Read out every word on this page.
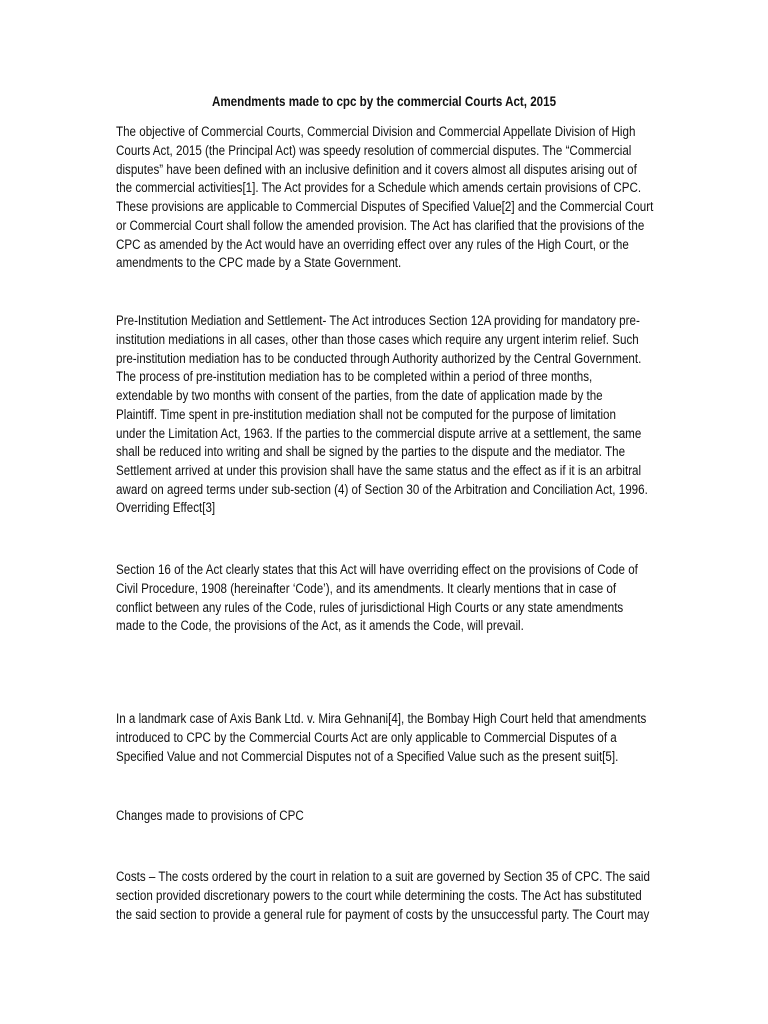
Amendments made to cpc by the commercial Courts Act, 2015
The objective of Commercial Courts, Commercial Division and Commercial Appellate Division of High
Courts Act, 2015 (the Principal Act) was speedy resolution of commercial disputes. The “Commercial
disputes” have been defined with an inclusive definition and it covers almost all disputes arising out of
the commercial activities[1]. The Act provides for a Schedule which amends certain provisions of CPC.
These provisions are applicable to Commercial Disputes of Specified Value[2] and the Commercial Court
or Commercial Court shall follow the amended provision. The Act has clarified that the provisions of the
CPC as amended by the Act would have an overriding effect over any rules of the High Court, or the
amendments to the CPC made by a State Government.
Pre-Institution Mediation and Settlement- The Act introduces Section 12A providing for mandatory pre-
institution mediations in all cases, other than those cases which require any urgent interim relief. Such
pre-institution mediation has to be conducted through Authority authorized by the Central Government.
The process of pre-institution mediation has to be completed within a period of three months,
extendable by two months with consent of the parties, from the date of application made by the
Plaintiff. Time spent in pre-institution mediation shall not be computed for the purpose of limitation
under the Limitation Act, 1963. If the parties to the commercial dispute arrive at a settlement, the same
shall be reduced into writing and shall be signed by the parties to the dispute and the mediator. The
Settlement arrived at under this provision shall have the same status and the effect as if it is an arbitral
award on agreed terms under sub-section (4) of Section 30 of the Arbitration and Conciliation Act, 1996.
Overriding Effect[3]
Section 16 of the Act clearly states that this Act will have overriding effect on the provisions of Code of
Civil Procedure, 1908 (hereinafter ‘Code’), and its amendments. It clearly mentions that in case of
conflict between any rules of the Code, rules of jurisdictional High Courts or any state amendments
made to the Code, the provisions of the Act, as it amends the Code, will prevail.
In a landmark case of Axis Bank Ltd. v. Mira Gehnani[4], the Bombay High Court held that amendments
introduced to CPC by the Commercial Courts Act are only applicable to Commercial Disputes of a
Specified Value and not Commercial Disputes not of a Specified Value such as the present suit[5].
Changes made to provisions of CPC
Costs – The costs ordered by the court in relation to a suit are governed by Section 35 of CPC. The said
section provided discretionary powers to the court while determining the costs. The Act has substituted
the said section to provide a general rule for payment of costs by the unsuccessful party. The Court may
